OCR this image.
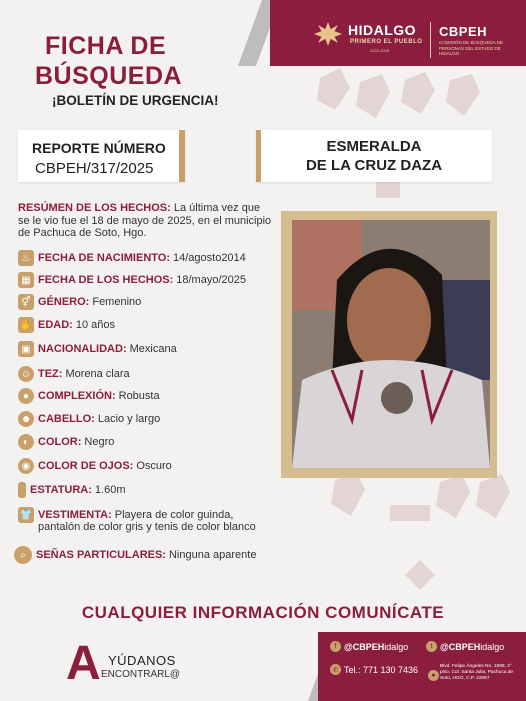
HIDALGO
PRIMERO EL PUEBLO
2022-2028
CBPEH
COMISIÓN DE BÚSQUEDA DE PERSONAS DEL ESTADO DE HIDALGO
FICHA DE
BÚSQUEDA
¡BOLETÍN DE URGENCIA!
REPORTE NÚMERO
CBPEH/317/2025
ESMERALDA
DE LA CRUZ DAZA
RESÚMEN DE LOS HECHOS: La última vez que se le vio fue el 18 de mayo de 2025, en el municipio de Pachuca de Soto, Hgo.
♨ FECHA DE NACIMIENTO: 14/agosto2014
▦ FECHA DE LOS HECHOS: 18/mayo/2025
⚥ GÉNERO: Femenino
✋ EDAD: 10 años
▣ NACIONALIDAD: Mexicana
☺ TEZ: Morena clara
● COMPLEXIÓN: Robusta
☻ CABELLO: Lacio y largo
◐ COLOR: Negro
◉ COLOR DE OJOS: Oscuro
ESTATURA: 1.60m
👕 VESTIMENTA: Playera de color guinda,
pantalón de color gris y tenis de color blanco
⌕ SEÑAS PARTICULARES: Ninguna aparente
CUALQUIER INFORMACIÓN COMUNÍCATE
A YÚDANOS
ENCONTRARL@
f @CBPEH idalgo	t @CBPEH idalgo
✆ Tel.: 771 130 7436
●
Blvd. Felipe Ángeles No. 1898, 2° piso, Col. Santa Julia, Pachuca de Soto, HGO, C.P. 42087
